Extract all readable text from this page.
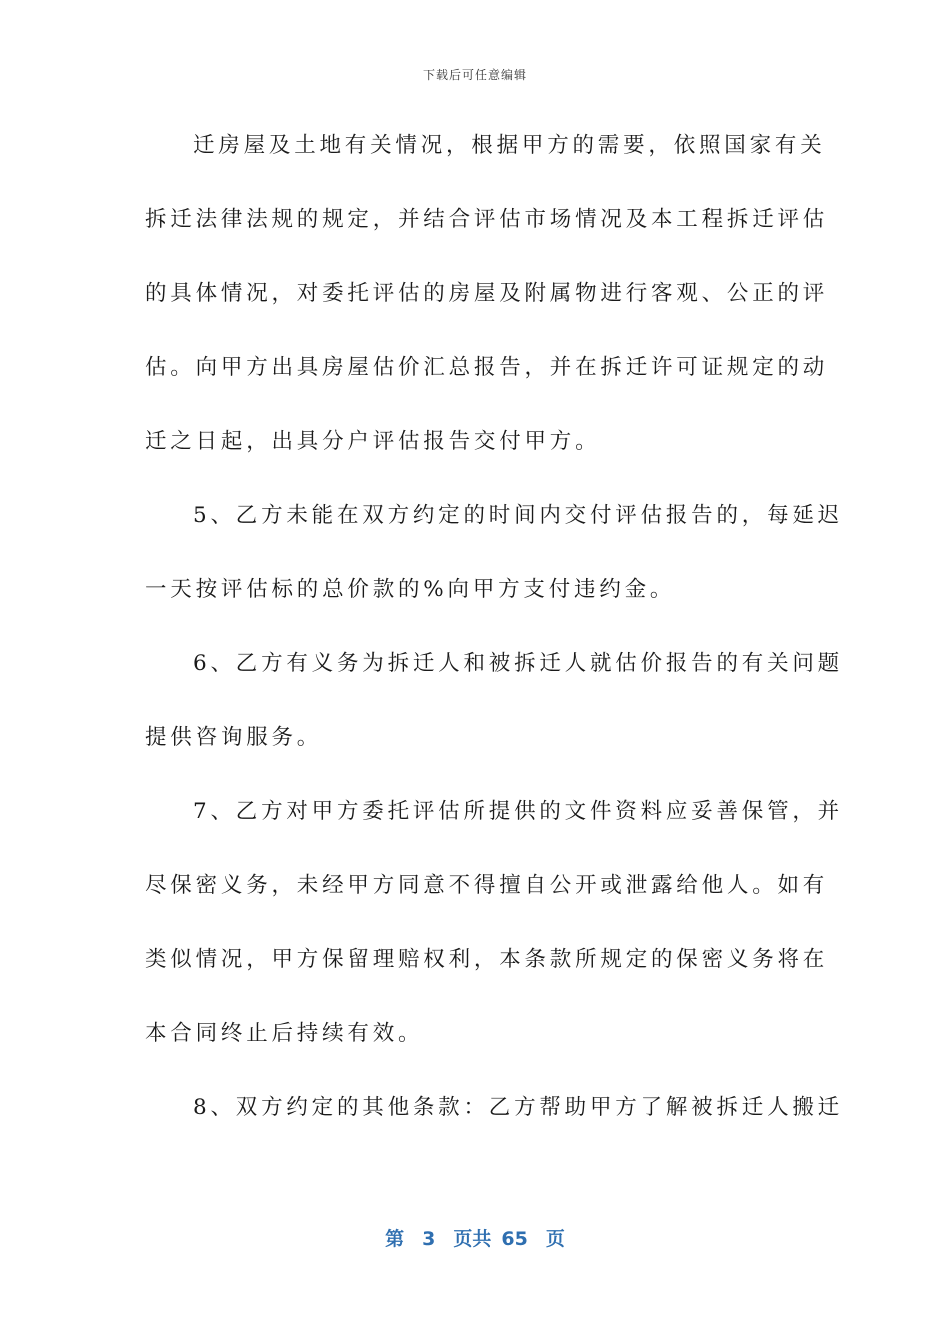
下载后可任意编辑
迁房屋及土地有关情况，根据甲方的需要，依照国家有关
拆迁法律法规的规定，并结合评估市场情况及本工程拆迁评估
的具体情况，对委托评估的房屋及附属物进行客观、公正的评
估。向甲方出具房屋估价汇总报告，并在拆迁许可证规定的动
迁之日起，出具分户评估报告交付甲方。
5、乙方未能在双方约定的时间内交付评估报告的，每延迟
一天按评估标的总价款的%向甲方支付违约金。
6、乙方有义务为拆迁人和被拆迁人就估价报告的有关问题
提供咨询服务。
7、乙方对甲方委托评估所提供的文件资料应妥善保管，并
尽保密义务，未经甲方同意不得擅自公开或泄露给他人。如有
类似情况，甲方保留理赔权利，本条款所规定的保密义务将在
本合同终止后持续有效。
8、双方约定的其他条款：乙方帮助甲方了解被拆迁人搬迁
第 3 页共 65 页
